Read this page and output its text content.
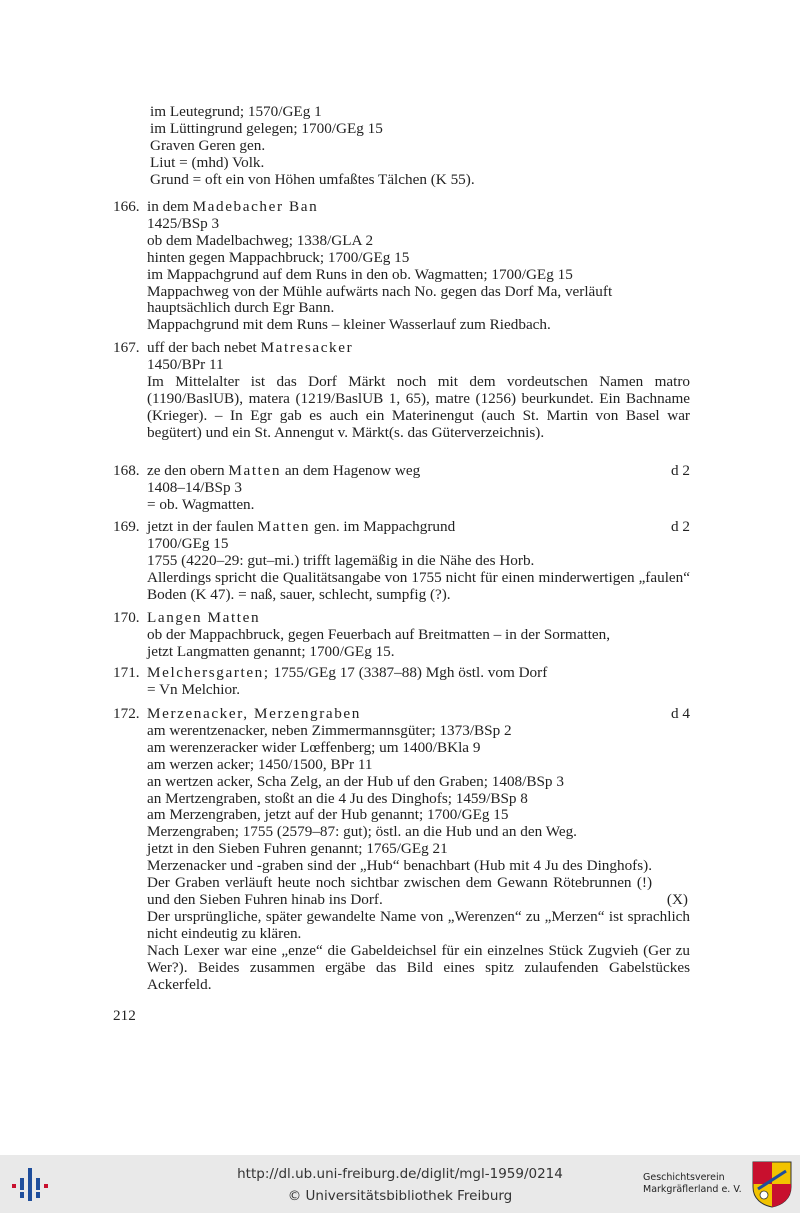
im Leutegrund; 1570/GEg 1
im Lüttingrund gelegen; 1700/GEg 15
Graven Geren gen.
Liut = (mhd) Volk.
Grund = oft ein von Höhen umfaßtes Tälchen (K 55).
166. in dem Madebacher Ban
1425/BSp 3
ob dem Madelbachweg; 1338/GLA 2
hinten gegen Mappachbruck; 1700/GEg 15
im Mappachgrund auf dem Runs in den ob. Wagmatten; 1700/GEg 15
Mappachweg von der Mühle aufwärts nach No. gegen das Dorf Ma, verläuft
hauptsächlich durch Egr Bann.
Mappachgrund mit dem Runs – kleiner Wasserlauf zum Riedbach.
167. uff der bach nebet Matresacker
1450/BPr 11
Im Mittelalter ist das Dorf Märkt noch mit dem vordeutschen Namen matro (1190/BaslUB), matera (1219/BaslUB 1, 65), matre (1256) beurkundet. Ein Bachname (Krieger). – In Egr gab es auch ein Materinengut (auch St. Martin von Basel war begütert) und ein St. Annengut v. Märkt(s. das Güterverzeichnis).
168. ze den obern Matten an dem Hagenow weg	d 2
1408–14/BSp 3
= ob. Wagmatten.
169. jetzt in der faulen Matten gen. im Mappachgrund	d 2
1700/GEg 15
1755 (4220–29: gut–mi.) trifft lagemäßig in die Nähe des Horb.
Allerdings spricht die Qualitätsangabe von 1755 nicht für einen minderwertigen „faulen“ Boden (K 47). = naß, sauer, schlecht, sumpfig (?).
170. Langen Matten
ob der Mappachbruck, gegen Feuerbach auf Breitmatten – in der Sormatten,
jetzt Langmatten genannt; 1700/GEg 15.
171. Melchersgarten; 1755/GEg 17 (3387–88) Mgh östl. vom Dorf
= Vn Melchior.
172. Merzenacker, Merzengraben	d 4
am werentzenacker, neben Zimmermannsgüter; 1373/BSp 2
am werenzeracker wider Lœffenberg; um 1400/BKla 9
am werzen acker; 1450/1500, BPr 11
an wertzen acker, Scha Zelg, an der Hub uf den Graben; 1408/BSp 3
an Mertzengraben, stoßt an die 4 Ju des Dinghofs; 1459/BSp 8
am Merzengraben, jetzt auf der Hub genannt; 1700/GEg 15
Merzengraben; 1755 (2579–87: gut); östl. an die Hub und an den Weg.
jetzt in den Sieben Fuhren genannt; 1765/GEg 21
Merzenacker und -graben sind der „Hub“ benachbart (Hub mit 4 Ju des Dinghofs). Der Graben verläuft heute noch sichtbar zwischen dem Gewann Rötebrunnen (!) und den Sieben Fuhren hinab ins Dorf.	(X)
Der ursprüngliche, später gewandelte Name von „Werenzen“ zu „Merzen“ ist sprachlich nicht eindeutig zu klären.
Nach Lexer war eine „enze“ die Gabeldeichsel für ein einzelnes Stück Zugvieh (Ger zu Wer?). Beides zusammen ergäbe das Bild eines spitz zulaufenden Gabelstückes Ackerfeld.
212
http://dl.ub.uni-freiburg.de/diglit/mgl-1959/0214
© Universitätsbibliothek Freiburg
Geschichtsverein
Markgräflerland e. V.
